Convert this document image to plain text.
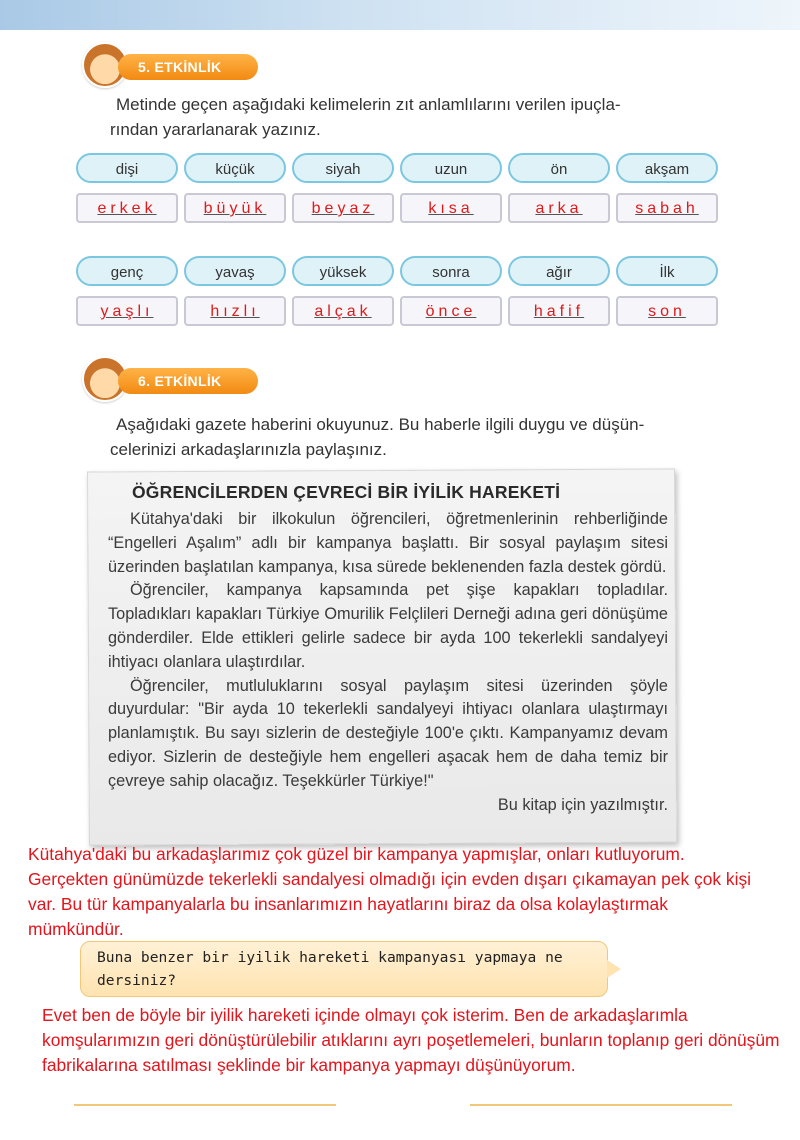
5. ETKİNLİK
Metinde geçen aşağıdaki kelimelerin zıt anlamlılarını verilen ipuçla-
rından yararlanarak yazınız.
dişi	küçük	siyah	uzun	ön	akşam
erkek	büyük	beyaz	kısa	arka	sabah
genç	yavaş	yüksek	sonra	ağır	İlk
yaşlı	hızlı	alçak	önce	hafif	son
6. ETKİNLİK
Aşağıdaki gazete haberini okuyunuz. Bu haberle ilgili duygu ve düşün-
celerinizi arkadaşlarınızla paylaşınız.
ÖĞRENCİLERDEN ÇEVRECİ BİR İYİLİK HAREKETİ

Kütahya'daki bir ilkokulun öğrencileri, öğretmenlerinin rehberliğinde “Engelleri Aşalım” adlı bir kampanya başlattı. Bir sosyal paylaşım sitesi üzerinden başlatılan kampanya, kısa sürede beklenenden fazla destek gördü.

Öğrenciler, kampanya kapsamında pet şişe kapakları topladılar. Topladıkları kapakları Türkiye Omurilik Felçlileri Derneği adına geri dönüşüme gönderdiler. Elde ettikleri gelirle sadece bir ayda 100 tekerlekli sandalyeyi ihtiyacı olanlara ulaştırdılar.

Öğrenciler, mutluluklarını sosyal paylaşım sitesi üzerinden şöyle duyurdular: "Bir ayda 10 tekerlekli sandalyeyi ihtiyacı olanlara ulaştırmayı planlamıştık. Bu sayı sizlerin de desteğiyle 100'e çıktı. Kampanyamız devam ediyor. Sizlerin de desteğiyle hem engelleri aşacak hem de daha temiz bir çevreye sahip olacağız. Teşekkürler Türkiye!"

Bu kitap için yazılmıştır.

Kütahya'daki bu arkadaşlarımız çok güzel bir kampanya yapmışlar, onları kutluyorum. Gerçekten günümüzde tekerlekli sandalyesi olmadığı için evden dışarı çıkamayan pek çok kişi var. Bu tür kampanyalarla bu insanlarımızın hayatlarını biraz da olsa kolaylaştırmak mümkündür.
Buna benzer bir iyilik hareketi kampanyası yapmaya ne dersiniz?
Evet ben de böyle bir iyilik hareketi içinde olmayı çok isterim. Ben de arkadaşlarımla komşularımızın geri dönüştürülebilir atıklarını ayrı poşetlemeleri, bunların toplanıp geri dönüşüm fabrikalarına satılması şeklinde bir kampanya yapmayı düşünüyorum.
